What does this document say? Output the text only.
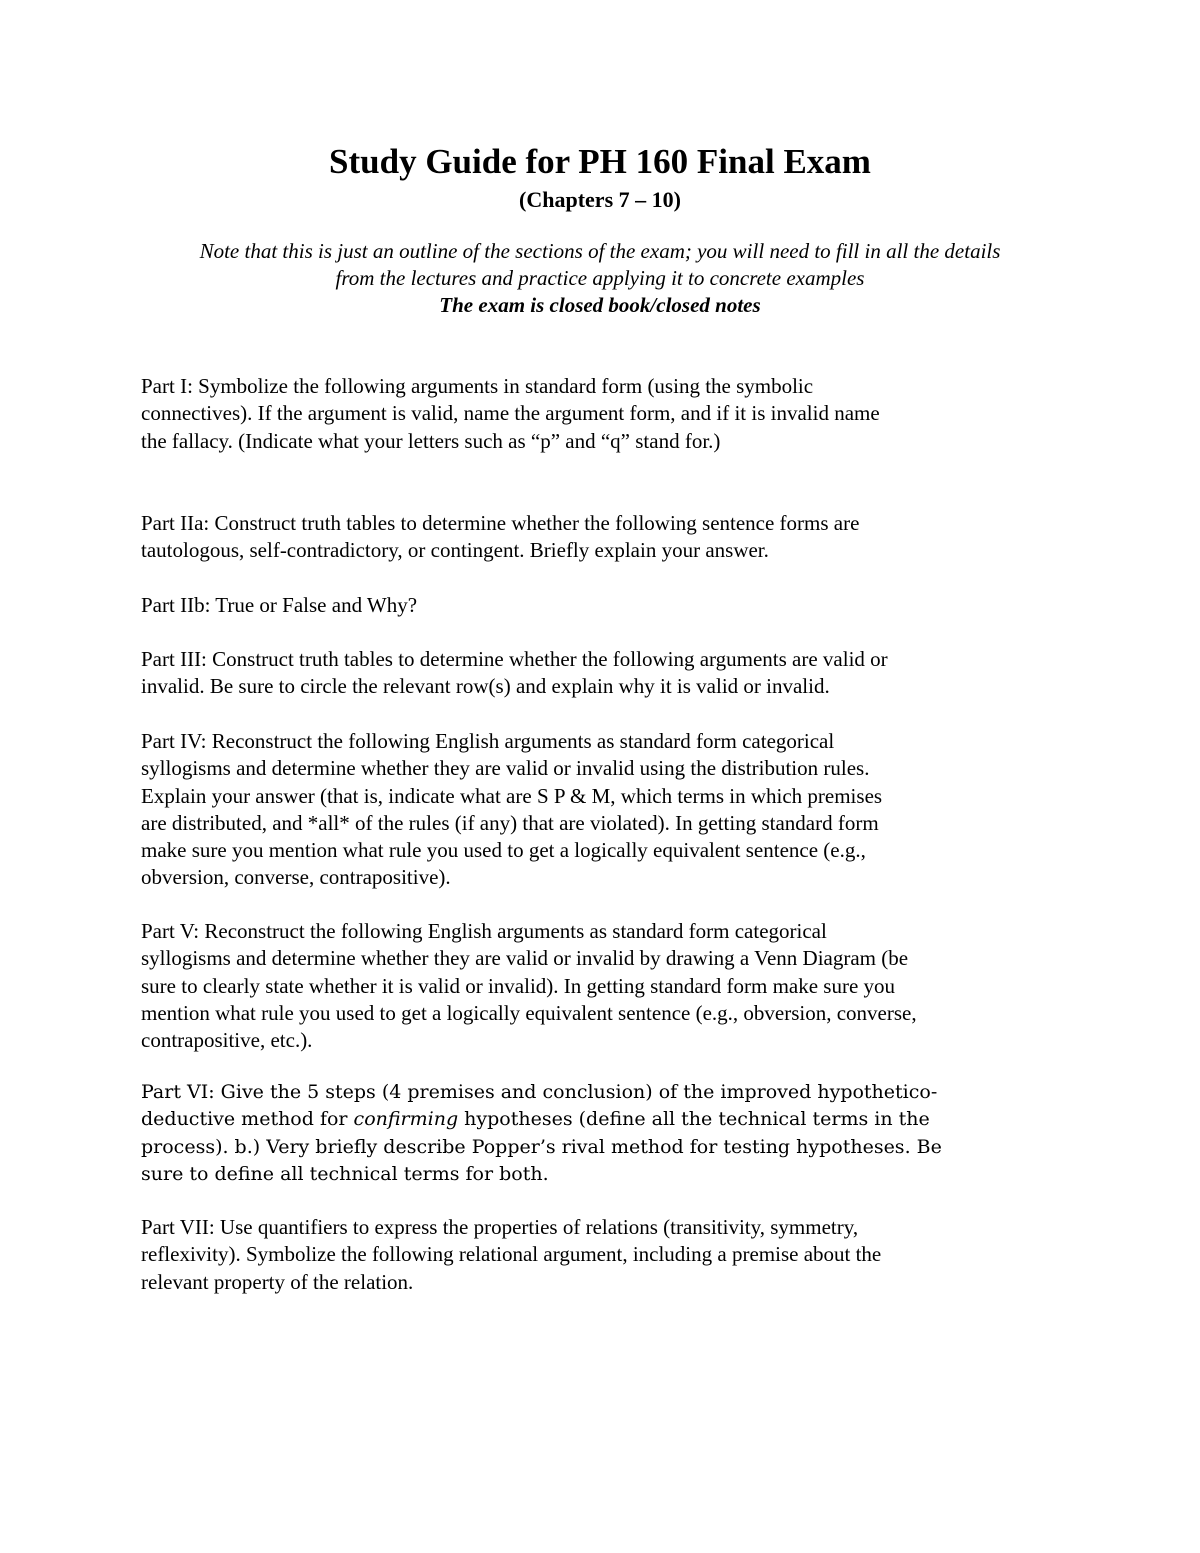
Study Guide for PH 160 Final Exam
(Chapters 7 – 10)
Note that this is just an outline of the sections of the exam; you will need to fill in all the details
from the lectures and practice applying it to concrete examples
The exam is closed book/closed notes
Part I: Symbolize the following arguments in standard form (using the symbolic
connectives). If the argument is valid, name the argument form, and if it is invalid name
the fallacy. (Indicate what your letters such as “p” and “q” stand for.)
Part IIa: Construct truth tables to determine whether the following sentence forms are
tautologous, self-contradictory, or contingent. Briefly explain your answer.
Part IIb: True or False and Why?
Part III: Construct truth tables to determine whether the following arguments are valid or
invalid. Be sure to circle the relevant row(s) and explain why it is valid or invalid.
Part IV: Reconstruct the following English arguments as standard form categorical
syllogisms and determine whether they are valid or invalid using the distribution rules.
Explain your answer (that is, indicate what are S P & M, which terms in which premises
are distributed, and *all* of the rules (if any) that are violated). In getting standard form
make sure you mention what rule you used to get a logically equivalent sentence (e.g.,
obversion, converse, contrapositive).
Part V: Reconstruct the following English arguments as standard form categorical
syllogisms and determine whether they are valid or invalid by drawing a Venn Diagram (be
sure to clearly state whether it is valid or invalid). In getting standard form make sure you
mention what rule you used to get a logically equivalent sentence (e.g., obversion, converse,
contrapositive, etc.).
Part VI: Give the 5 steps (4 premises and conclusion) of the improved hypothetico-
deductive method for confirming hypotheses (define all the technical terms in the
process). b.) Very briefly describe Popper’s rival method for testing hypotheses. Be
sure to define all technical terms for both.
Part VII: Use quantifiers to express the properties of relations (transitivity, symmetry,
reflexivity). Symbolize the following relational argument, including a premise about the
relevant property of the relation.
